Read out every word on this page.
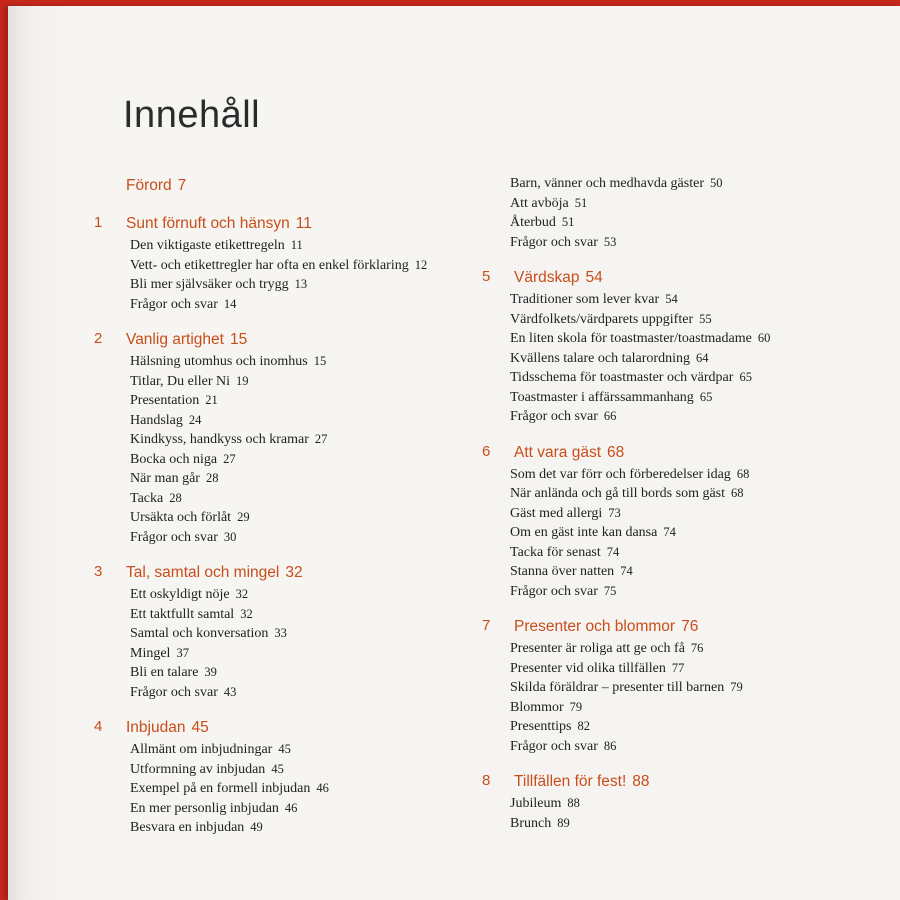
Innehåll
Förord 7
1 Sunt förnuft och hänsyn 11
Den viktigaste etikettregeln 11
Vett- och etikettregler har ofta en enkel förklaring 12
Bli mer självsäker och trygg 13
Frågor och svar 14
2 Vanlig artighet 15
Hälsning utomhus och inomhus 15
Titlar, Du eller Ni 19
Presentation 21
Handslag 24
Kindkyss, handkyss och kramar 27
Bocka och niga 27
När man går 28
Tacka 28
Ursäkta och förlåt 29
Frågor och svar 30
3 Tal, samtal och mingel 32
Ett oskyldigt nöje 32
Ett taktfullt samtal 32
Samtal och konversation 33
Mingel 37
Bli en talare 39
Frågor och svar 43
4 Inbjudan 45
Allmänt om inbjudningar 45
Utformning av inbjudan 45
Exempel på en formell inbjudan 46
En mer personlig inbjudan 46
Besvara en inbjudan 49
Barn, vänner och medhavda gäster 50
Att avböja 51
Återbud 51
Frågor och svar 53
5 Värdskap 54
Traditioner som lever kvar 54
Värdfolkets/värdparets uppgifter 55
En liten skola för toastmaster/toastmadame 60
Kvällens talare och talarordning 64
Tidsschema för toastmaster och värdpar 65
Toastmaster i affärssammanhang 65
Frågor och svar 66
6 Att vara gäst 68
Som det var förr och förberedelser idag 68
När anlända och gå till bords som gäst 68
Gäst med allergi 73
Om en gäst inte kan dansa 74
Tacka för senast 74
Stanna över natten 74
Frågor och svar 75
7 Presenter och blommor 76
Presenter är roliga att ge och få 76
Presenter vid olika tillfällen 77
Skilda föräldrar – presenter till barnen 79
Blommor 79
Presenttips 82
Frågor och svar 86
8 Tillfällen för fest! 88
Jubileum 88
Brunch 89
